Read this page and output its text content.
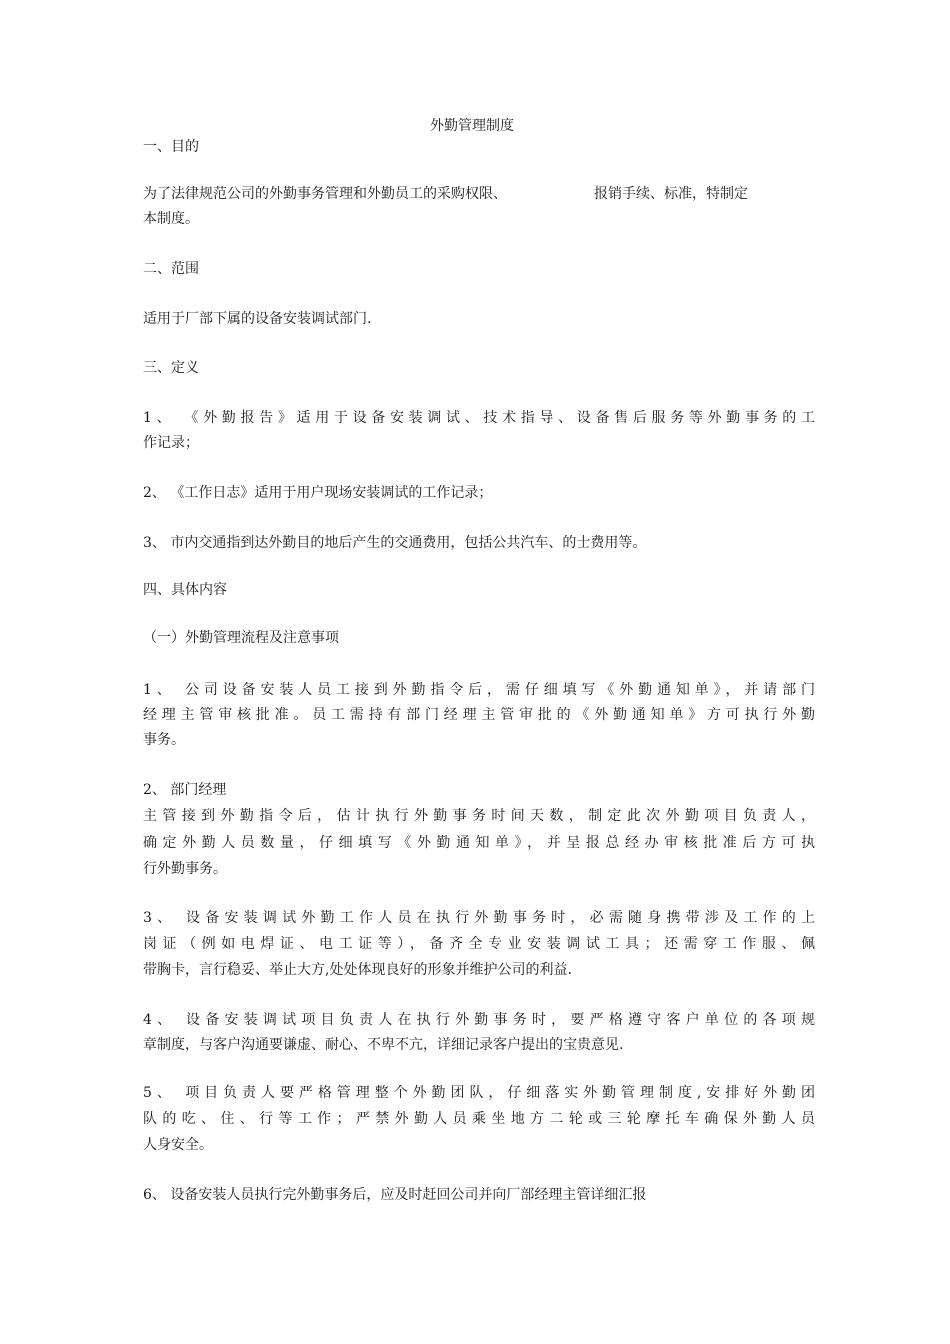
外勤管理制度
一、目的
为了法律规范公司的外勤事务管理和外勤员工的采购权限、	报销手续、标准，特制定
本制度。
二、范围
适用于厂部下属的设备安装调试部门.
三、定义
1、 《外勤报告》适用于设备安装调试、技术指导、设备售后服务等外勤事务的工
作记录；
2、 《工作日志》适用于用户现场安装调试的工作记录；
3、 市内交通指到达外勤目的地后产生的交通费用，包括公共汽车、的士费用等。
四、具体内容
（一）外勤管理流程及注意事项
1、 公司设备安装人员工接到外勤指令后，需仔细填写《外勤通知单》，并请部门
经理主管审核批准。员工需持有部门经理主管审批的《外勤通知单》方可执行外勤
事务。
2、 部门经理
主管接到外勤指令后，估计执行外勤事务时间天数，制定此次外勤项目负责人，
确定外勤人员数量，仔细填写《外勤通知单》，并呈报总经办审核批准后方可执
行外勤事务。
3、 设备安装调试外勤工作人员在执行外勤事务时，必需随身携带涉及工作的上
岗证（例如电焊证、电工证等），备齐全专业安装调试工具；还需穿工作服、佩
带胸卡，言行稳妥、举止大方,处处体现良好的形象并维护公司的利益.
4、 设备安装调试项目负责人在执行外勤事务时，要严格遵守客户单位的各项规
章制度，与客户沟通要谦虚、耐心、不卑不亢，详细记录客户提出的宝贵意见.
5、 项目负责人要严格管理整个外勤团队，仔细落实外勤管理制度,安排好外勤团
队的吃、住、行等工作；严禁外勤人员乘坐地方二轮或三轮摩托车确保外勤人员
人身安全。
6、 设备安装人员执行完外勤事务后，应及时赶回公司并向厂部经理主管详细汇报
